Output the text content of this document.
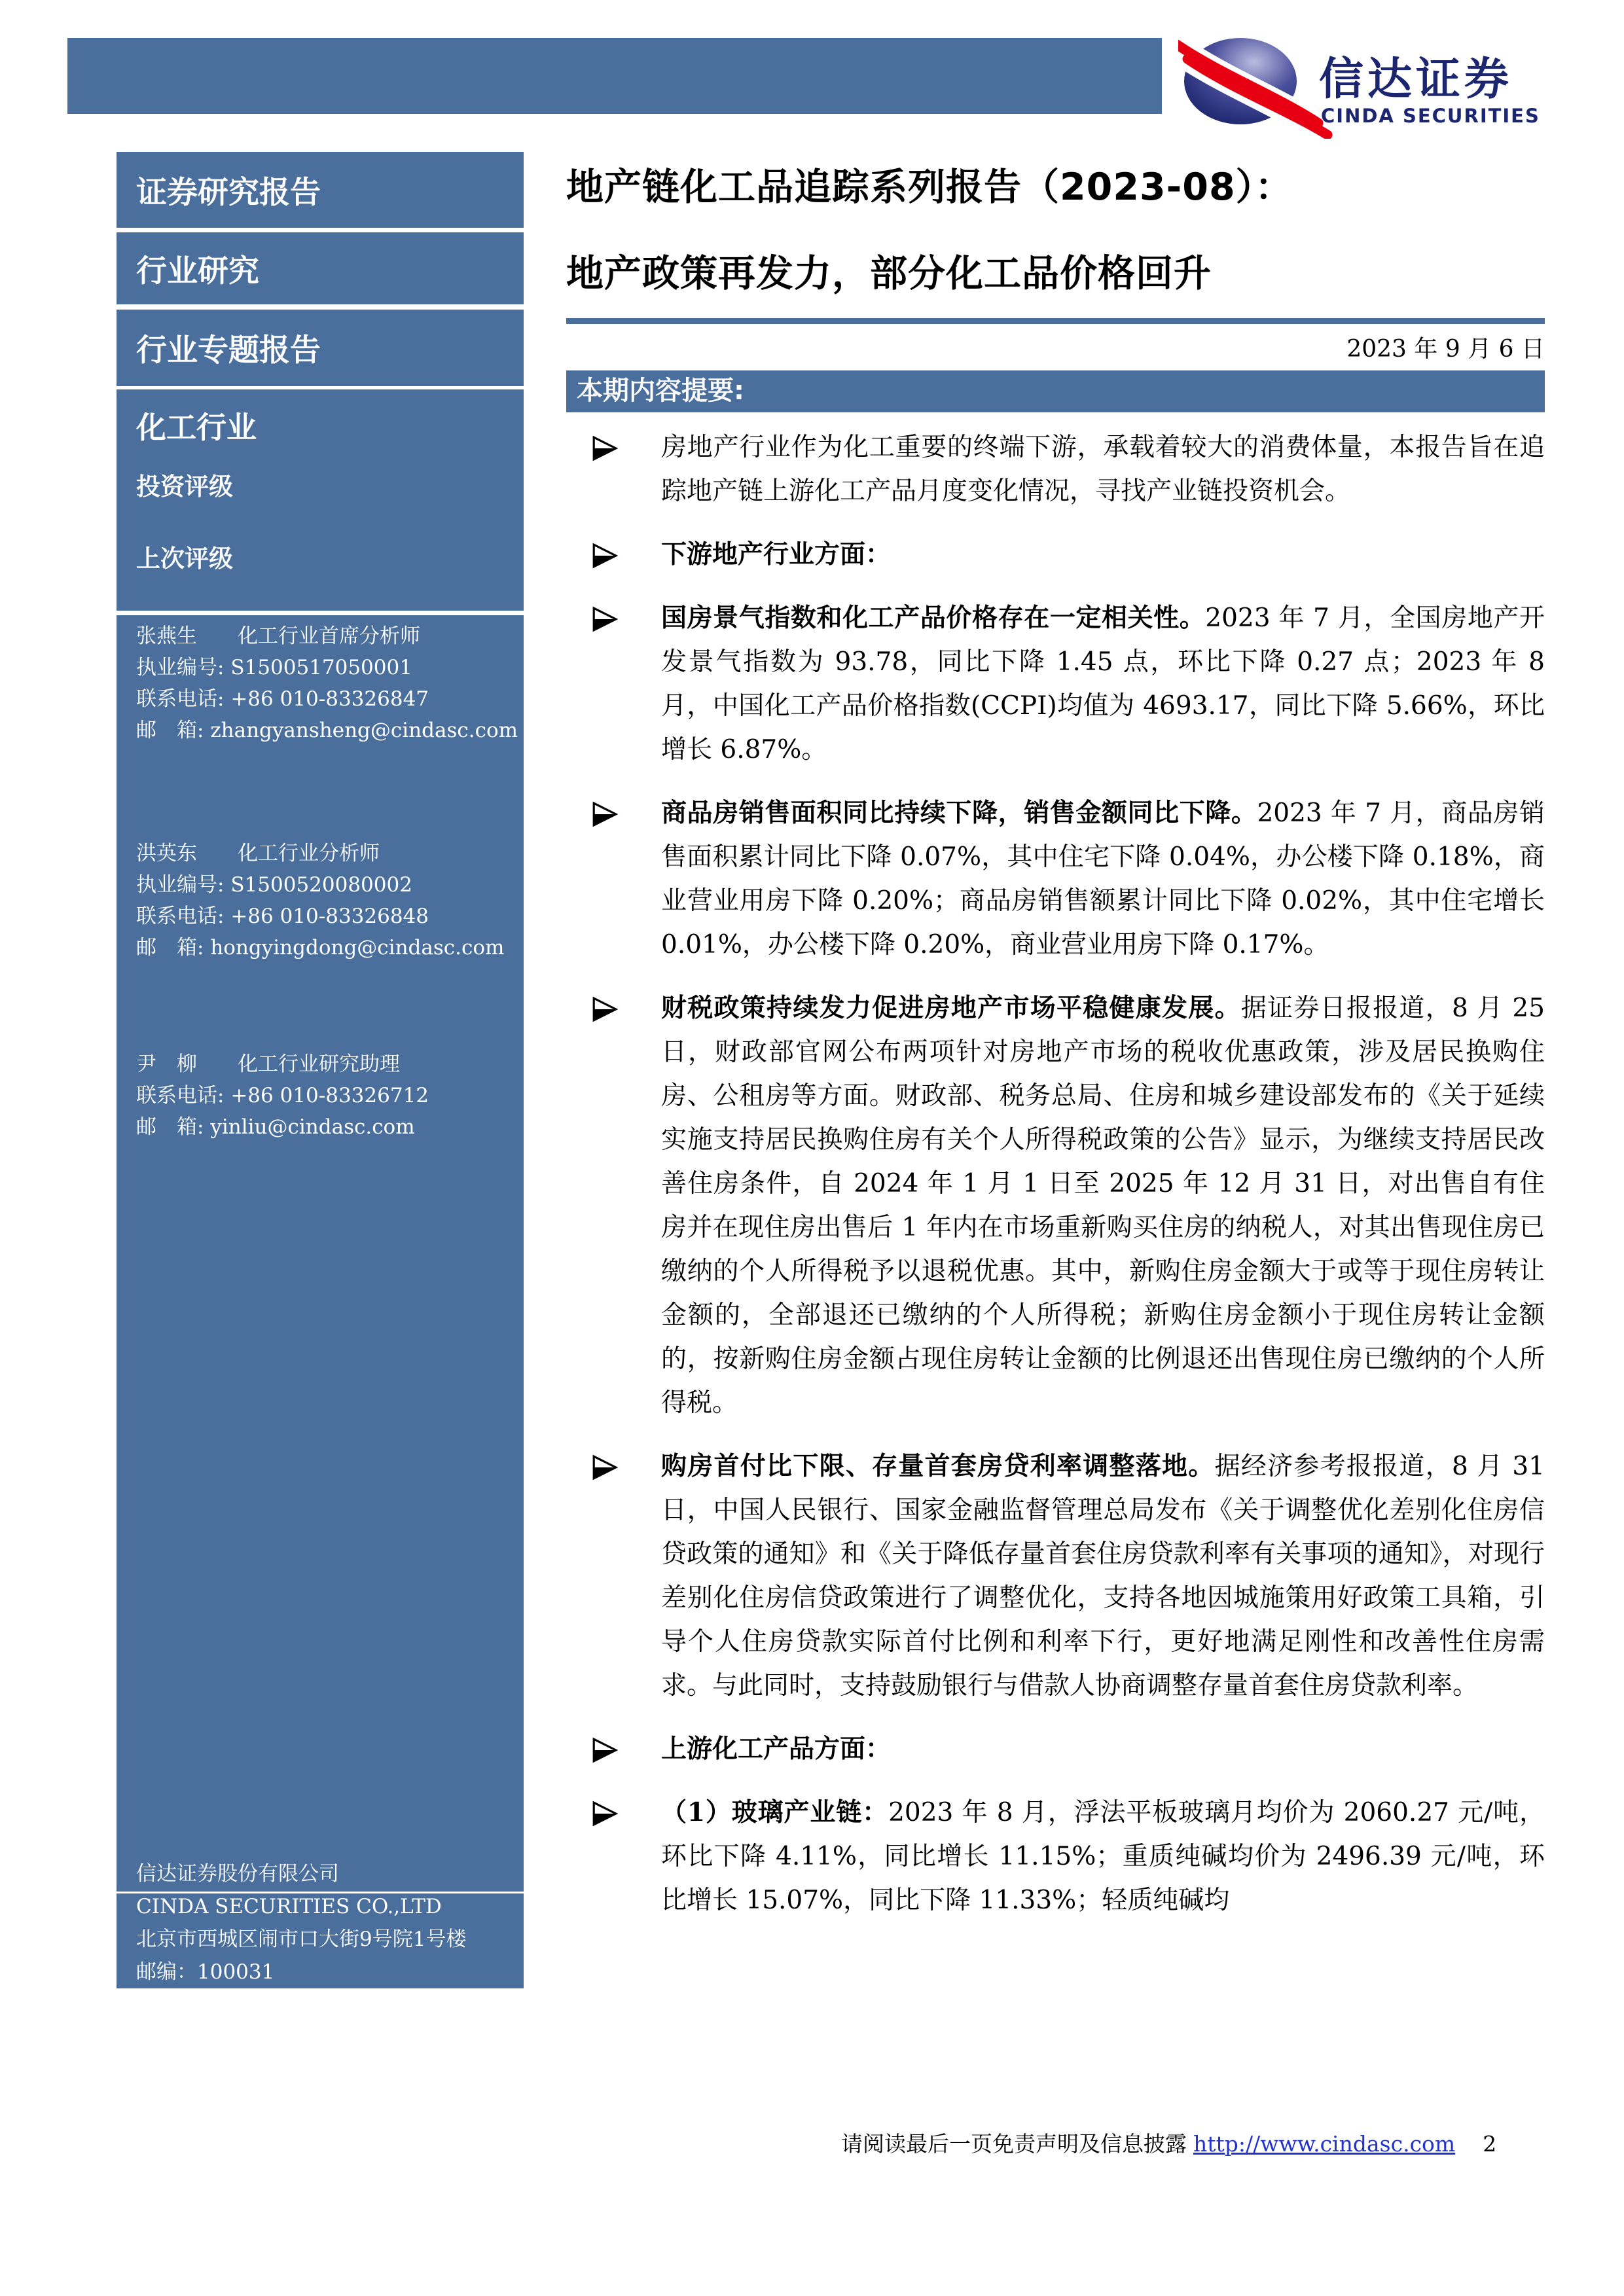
信达证券
CINDA SECURITIES
证券研究报告
行业研究
行业专题报告
化工行业
投资评级
上次评级
张燕生　　 化工行业首席分析师
执业编号: S1500517050001
联系电话: +86 010-83326847
邮　箱: zhangyansheng@cindasc.com
洪英东　　 化工行业分析师
执业编号: S1500520080002
联系电话: +86 010-83326848
邮　箱: hongyingdong@cindasc.com
尹　柳　　 化工行业研究助理
联系电话: +86 010-83326712
邮　箱: yinliu@cindasc.com
信达证券股份有限公司
CINDA SECURITIES CO.,LTD
北京市西城区闹市口大街9号院1号楼
邮编：100031
地产链化工品追踪系列报告（2023-08）：
地产政策再发力，部分化工品价格回升
2023 年 9 月 6 日
本期内容提要:
房地产行业作为化工重要的终端下游，承载着较大的消费体量，本报告旨在追踪地产链上游化工产品月度变化情况，寻找产业链投资机会。
下游地产行业方面：
国房景气指数和化工产品价格存在一定相关性。2023 年 7 月，全国房地产开发景气指数为 93.78，同比下降 1.45 点，环比下降 0.27 点；2023 年 8 月，中国化工产品价格指数(CCPI)均值为 4693.17，同比下降 5.66%，环比增长 6.87%。
商品房销售面积同比持续下降，销售金额同比下降。2023 年 7 月，商品房销售面积累计同比下降 0.07%，其中住宅下降 0.04%，办公楼下降 0.18%，商业营业用房下降 0.20%；商品房销售额累计同比下降 0.02%，其中住宅增长 0.01%，办公楼下降 0.20%，商业营业用房下降 0.17%。
财税政策持续发力促进房地产市场平稳健康发展。据证券日报报道，8 月 25 日，财政部官网公布两项针对房地产市场的税收优惠政策，涉及居民换购住房、公租房等方面。财政部、税务总局、住房和城乡建设部发布的《关于延续实施支持居民换购住房有关个人所得税政策的公告》显示，为继续支持居民改善住房条件，自 2024 年 1 月 1 日至 2025 年 12 月 31 日，对出售自有住房并在现住房出售后 1 年内在市场重新购买住房的纳税人，对其出售现住房已缴纳的个人所得税予以退税优惠。其中，新购住房金额大于或等于现住房转让金额的，全部退还已缴纳的个人所得税；新购住房金额小于现住房转让金额的，按新购住房金额占现住房转让金额的比例退还出售现住房已缴纳的个人所得税。
购房首付比下限、存量首套房贷利率调整落地。据经济参考报报道，8 月 31 日，中国人民银行、国家金融监督管理总局发布《关于调整优化差别化住房信贷政策的通知》和《关于降低存量首套住房贷款利率有关事项的通知》，对现行差别化住房信贷政策进行了调整优化，支持各地因城施策用好政策工具箱，引导个人住房贷款实际首付比例和利率下行，更好地满足刚性和改善性住房需求。与此同时，支持鼓励银行与借款人协商调整存量首套住房贷款利率。
上游化工产品方面：
（1）玻璃产业链：2023 年 8 月，浮法平板玻璃月均价为 2060.27 元/吨，环比下降 4.11%，同比增长 11.15%；重质纯碱均价为 2496.39 元/吨，环比增长 15.07%，同比下降 11.33%；轻质纯碱均
请阅读最后一页免责声明及信息披露 http://www.cindasc.com 2
